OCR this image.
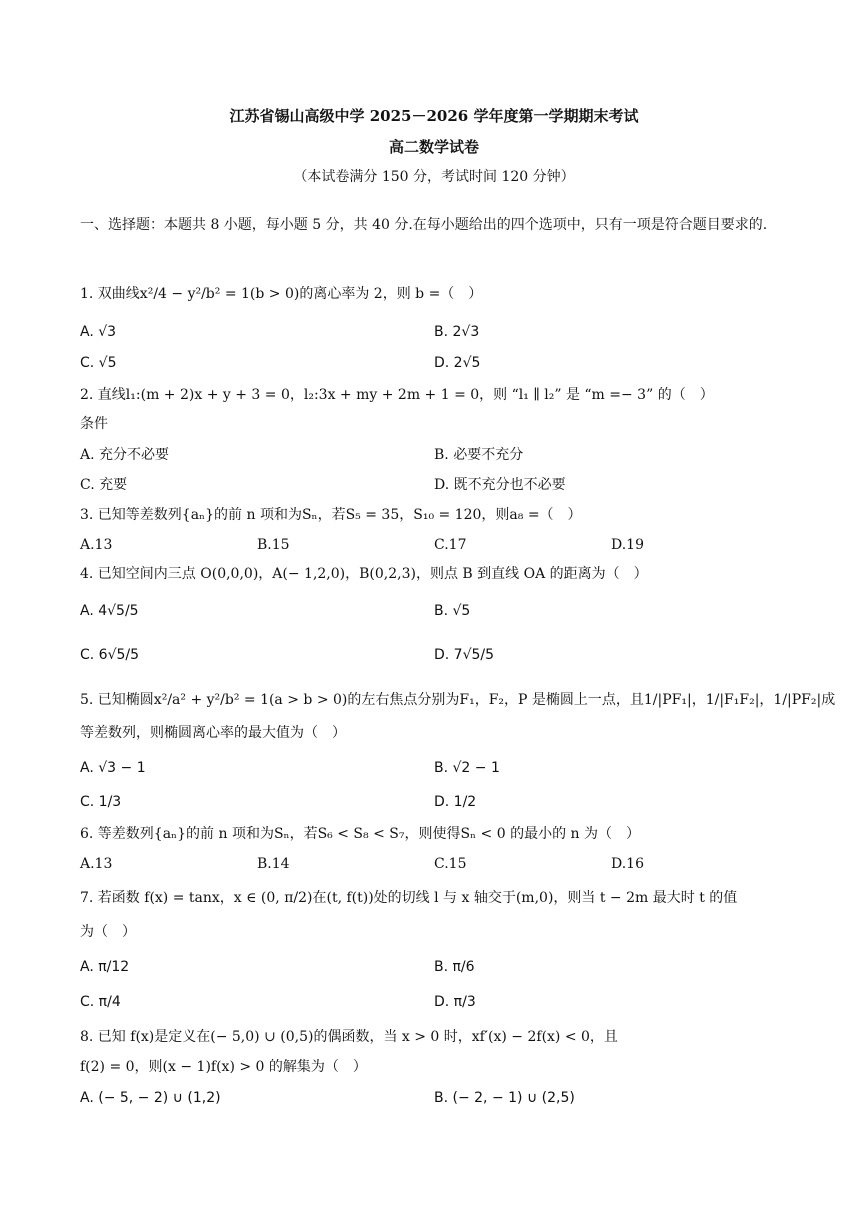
江苏省锡山高级中学 2025－2026 学年度第一学期期末考试
高二数学试卷
（本试卷满分 150 分，考试时间 120 分钟）
一、选择题：本题共 8 小题，每小题 5 分，共 40 分.在每小题给出的四个选项中，只有一项是符合题目要求的.
1. 双曲线x²/4 − y²/b² = 1(b > 0)的离心率为 2，则 b =（　）
A. √3	B. 2√3
C. √5	D. 2√5
2. 直线l₁:(m + 2)x + y + 3 = 0，l₂:3x + my + 2m + 1 = 0，则 “l₁ ∥ l₂” 是 “m =− 3” 的（　）
条件
A. 充分不必要	B. 必要不充分
C. 充要	D. 既不充分也不必要
3. 已知等差数列{aₙ}的前 n 项和为Sₙ，若S₅ = 35，S₁₀ = 120，则a₈ =（　）
A.13	B.15	C.17	D.19
4. 已知空间内三点 O(0,0,0)，A(− 1,2,0)，B(0,2,3)，则点 B 到直线 OA 的距离为（　）
A. 4√5/5	B. √5
C. 6√5/5	D. 7√5/5
5. 已知椭圆x²/a² + y²/b² = 1(a > b > 0)的左右焦点分别为F₁，F₂，P 是椭圆上一点，且1/|PF₁|，1/|F₁F₂|，1/|PF₂|成
等差数列，则椭圆离心率的最大值为（　）
A. √3 − 1	B. √2 − 1
C. 1/3	D. 1/2
6. 等差数列{aₙ}的前 n 项和为Sₙ，若S₆ < S₈ < S₇，则使得Sₙ < 0 的最小的 n 为（　）
A.13	B.14	C.15	D.16
7. 若函数 f(x) = tanx，x ∈ (0, π/2)在(t, f(t))处的切线 l 与 x 轴交于(m,0)，则当 t − 2m 最大时 t 的值
为（　）
A. π/12	B. π/6
C. π/4	D. π/3
8. 已知 f(x)是定义在(− 5,0) ∪ (0,5)的偶函数，当 x > 0 时，xf′(x) − 2f(x) < 0，且
f(2) = 0，则(x − 1)f(x) > 0 的解集为（　）
A. (− 5, − 2) ∪ (1,2)	B. (− 2, − 1) ∪ (2,5)
